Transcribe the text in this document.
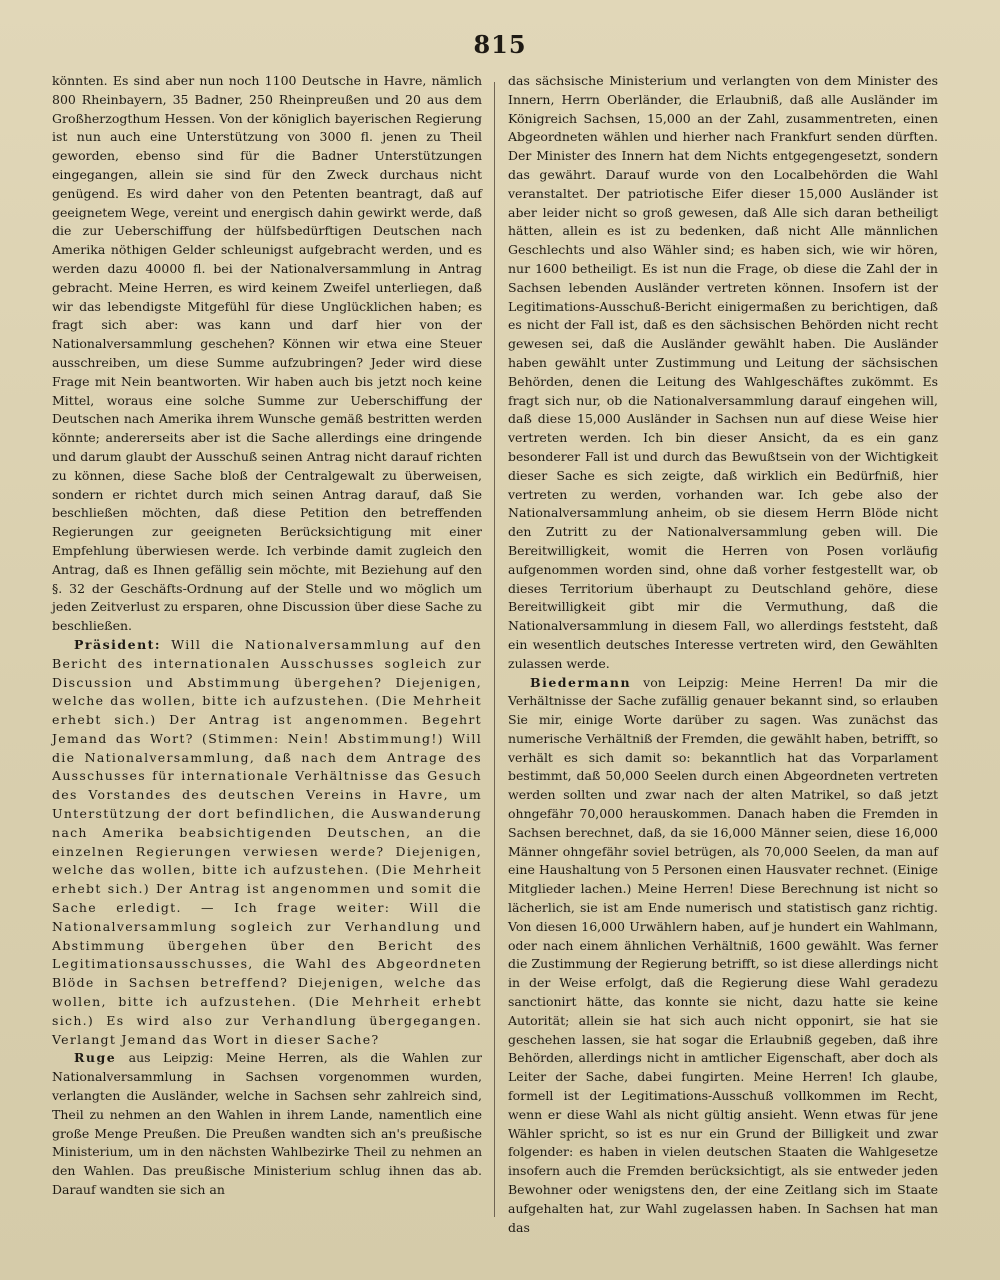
815

könnten. Es sind aber nun noch 1100 Deutsche in Havre, nämlich 800 Rheinbayern, 35 Badner, 250 Rheinpreußen und 20 aus dem Großherzogthum Hessen. Von der königlich bayerischen Regierung ist nun auch eine Unterstützung von 3000 fl. jenen zu Theil geworden, ebenso sind für die Badner Unterstützungen eingegangen, allein sie sind für den Zweck durchaus nicht genügend. Es wird daher von den Petenten beantragt, daß auf geeignetem Wege, vereint und energisch dahin gewirkt werde, daß die zur Ueberschiffung der hülfsbedürftigen Deutschen nach Amerika nöthigen Gelder schleunigst aufgebracht werden, und es werden dazu 40000 fl. bei der Nationalversammlung in Antrag gebracht. Meine Herren, es wird keinem Zweifel unterliegen, daß wir das lebendigste Mitgefühl für diese Unglücklichen haben; es fragt sich aber: was kann und darf hier von der Nationalversammlung geschehen? Können wir etwa eine Steuer ausschreiben, um diese Summe aufzubringen? Jeder wird diese Frage mit Nein beantworten. Wir haben auch bis jetzt noch keine Mittel, woraus eine solche Summe zur Ueberschiffung der Deutschen nach Amerika ihrem Wunsche gemäß bestritten werden könnte; andererseits aber ist die Sache allerdings eine dringende und darum glaubt der Ausschuß seinen Antrag nicht darauf richten zu können, diese Sache bloß der Centralgewalt zu überweisen, sondern er richtet durch mich seinen Antrag darauf, daß Sie beschließen möchten, daß diese Petition den betreffenden Regierungen zur geeigneten Berücksichtigung mit einer Empfehlung überwiesen werde. Ich verbinde damit zugleich den Antrag, daß es Ihnen gefällig sein möchte, mit Beziehung auf den §. 32 der Geschäfts-Ordnung auf der Stelle und wo möglich um jeden Zeitverlust zu ersparen, ohne Discussion über diese Sache zu beschließen.

Präsident: Will die Nationalversammlung auf den Bericht des internationalen Ausschusses sogleich zur Discussion und Abstimmung übergehen? Diejenigen, welche das wollen, bitte ich aufzustehen. (Die Mehrheit erhebt sich.) Der Antrag ist angenommen. Begehrt Jemand das Wort? (Stimmen: Nein! Abstimmung!) Will die Nationalversammlung, daß nach dem Antrage des Ausschusses für internationale Verhältnisse das Gesuch des Vorstandes des deutschen Vereins in Havre, um Unterstützung der dort befindlichen, die Auswanderung nach Amerika beabsichtigenden Deutschen, an die einzelnen Regierungen verwiesen werde? Diejenigen, welche das wollen, bitte ich aufzustehen. (Die Mehrheit erhebt sich.) Der Antrag ist angenommen und somit die Sache erledigt. — Ich frage weiter: Will die Nationalversammlung sogleich zur Verhandlung und Abstimmung übergehen über den Bericht des Legitimationsausschusses, die Wahl des Abgeordneten Blöde in Sachsen betreffend? Diejenigen, welche das wollen, bitte ich aufzustehen. (Die Mehrheit erhebt sich.) Es wird also zur Verhandlung übergegangen. Verlangt Jemand das Wort in dieser Sache?

Ruge aus Leipzig: Meine Herren, als die Wahlen zur Nationalversammlung in Sachsen vorgenommen wurden, verlangten die Ausländer, welche in Sachsen sehr zahlreich sind, Theil zu nehmen an den Wahlen in ihrem Lande, namentlich eine große Menge Preußen. Die Preußen wandten sich an's preußische Ministerium, um in den nächsten Wahlbezirke Theil zu nehmen an den Wahlen. Das preußische Ministerium schlug ihnen das ab. Darauf wandten sie sich an

das sächsische Ministerium und verlangten von dem Minister des Innern, Herrn Oberländer, die Erlaubniß, daß alle Ausländer im Königreich Sachsen, 15,000 an der Zahl, zusammentreten, einen Abgeordneten wählen und hierher nach Frankfurt senden dürften. Der Minister des Innern hat dem Nichts entgegengesetzt, sondern das gewährt. Darauf wurde von den Localbehörden die Wahl veranstaltet. Der patriotische Eifer dieser 15,000 Ausländer ist aber leider nicht so groß gewesen, daß Alle sich daran betheiligt hätten, allein es ist zu bedenken, daß nicht Alle männlichen Geschlechts und also Wähler sind; es haben sich, wie wir hören, nur 1600 betheiligt. Es ist nun die Frage, ob diese die Zahl der in Sachsen lebenden Ausländer vertreten können. Insofern ist der Legitimations-Ausschuß-Bericht einigermaßen zu berichtigen, daß es nicht der Fall ist, daß es den sächsischen Behörden nicht recht gewesen sei, daß die Ausländer gewählt haben. Die Ausländer haben gewählt unter Zustimmung und Leitung der sächsischen Behörden, denen die Leitung des Wahlgeschäftes zukömmt. Es fragt sich nur, ob die Nationalversammlung darauf eingehen will, daß diese 15,000 Ausländer in Sachsen nun auf diese Weise hier vertreten werden. Ich bin dieser Ansicht, da es ein ganz besonderer Fall ist und durch das Bewußtsein von der Wichtigkeit dieser Sache es sich zeigte, daß wirklich ein Bedürfniß, hier vertreten zu werden, vorhanden war. Ich gebe also der Nationalversammlung anheim, ob sie diesem Herrn Blöde nicht den Zutritt zu der Nationalversammlung geben will. Die Bereitwilligkeit, womit die Herren von Posen vorläufig aufgenommen worden sind, ohne daß vorher festgestellt war, ob dieses Territorium überhaupt zu Deutschland gehöre, diese Bereitwilligkeit gibt mir die Vermuthung, daß die Nationalversammlung in diesem Fall, wo allerdings feststeht, daß ein wesentlich deutsches Interesse vertreten wird, den Gewählten zulassen werde.

Biedermann von Leipzig: Meine Herren! Da mir die Verhältnisse der Sache zufällig genauer bekannt sind, so erlauben Sie mir, einige Worte darüber zu sagen. Was zunächst das numerische Verhältniß der Fremden, die gewählt haben, betrifft, so verhält es sich damit so: bekanntlich hat das Vorparlament bestimmt, daß 50,000 Seelen durch einen Abgeordneten vertreten werden sollten und zwar nach der alten Matrikel, so daß jetzt ohngefähr 70,000 herauskommen. Danach haben die Fremden in Sachsen berechnet, daß, da sie 16,000 Männer seien, diese 16,000 Männer ohngefähr soviel betrügen, als 70,000 Seelen, da man auf eine Haushaltung von 5 Personen einen Hausvater rechnet. (Einige Mitglieder lachen.) Meine Herren! Diese Berechnung ist nicht so lächerlich, sie ist am Ende numerisch und statistisch ganz richtig. Von diesen 16,000 Urwählern haben, auf je hundert ein Wahlmann, oder nach einem ähnlichen Verhältniß, 1600 gewählt. Was ferner die Zustimmung der Regierung betrifft, so ist diese allerdings nicht in der Weise erfolgt, daß die Regierung diese Wahl geradezu sanctionirt hätte, das konnte sie nicht, dazu hatte sie keine Autorität; allein sie hat sich auch nicht opponirt, sie hat sie geschehen lassen, sie hat sogar die Erlaubniß gegeben, daß ihre Behörden, allerdings nicht in amtlicher Eigenschaft, aber doch als Leiter der Sache, dabei fungirten. Meine Herren! Ich glaube, formell ist der Legitimations-Ausschuß vollkommen im Recht, wenn er diese Wahl als nicht gültig ansieht. Wenn etwas für jene Wähler spricht, so ist es nur ein Grund der Billigkeit und zwar folgender: es haben in vielen deutschen Staaten die Wahlgesetze insofern auch die Fremden berücksichtigt, als sie entweder jeden Bewohner oder wenigstens den, der eine Zeitlang sich im Staate aufgehalten hat, zur Wahl zugelassen haben. In Sachsen hat man das
